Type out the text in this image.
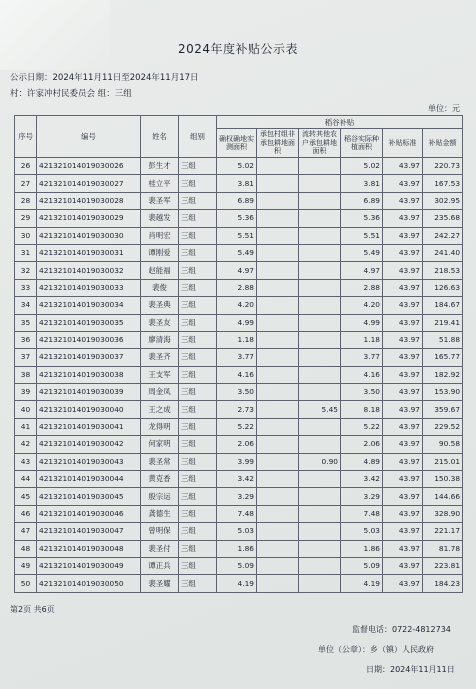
2024年度补贴公示表
公示日期：2024年11月11日至2024年11月17日
村：许家冲村民委员会 组：三组
单位：元
序号	编号	姓名	组别	稻谷补贴					
				确权确地实测面积	承包村组非承包耕地面积	流转其他农户承包耕地面积	稻谷实际种植面积	补贴标准	补贴金额
26	421321014019030026	彭生才	三组	5.02			5.02	43.97	220.73
27	421321014019030027	桂立平	三组	3.81			3.81	43.97	167.53
28	421321014019030028	裴圣军	三组	6.89			6.89	43.97	302.95
29	421321014019030029	裴越发	三组	5.36			5.36	43.97	235.68
30	421321014019030030	肖明宏	三组	5.51			5.51	43.97	242.27
31	421321014019030031	谭刚爱	三组	5.49			5.49	43.97	241.40
32	421321014019030032	赵能福	三组	4.97			4.97	43.97	218.53
33	421321014019030033	裴俊	三组	2.88			2.88	43.97	126.63
34	421321014019030034	裴圣典	三组	4.20			4.20	43.97	184.67
35	421321014019030035	裴圣友	三组	4.99			4.99	43.97	219.41
36	421321014019030036	廖清海	三组	1.18			1.18	43.97	51.88
37	421321014019030037	裴圣齐	三组	3.77			3.77	43.97	165.77
38	421321014019030038	王支军	三组	4.16			4.16	43.97	182.92
39	421321014019030039	周金凤	三组	3.50			3.50	43.97	153.90
40	421321014019030040	王之成	三组	2.73		5.45	8.18	43.97	359.67
41	421321014019030041	龙得明	三组	5.22			5.22	43.97	229.52
42	421321014019030042	何家明	三组	2.06			2.06	43.97	90.58
43	421321014019030043	裴圣常	三组	3.99		0.90	4.89	43.97	215.01
44	421321014019030044	黄克香	三组	3.42			3.42	43.97	150.38
45	421321014019030045	殷宗运	三组	3.29			3.29	43.97	144.66
46	421321014019030046	龚德生	三组	7.48			7.48	43.97	328.90
47	421321014019030047	曾明保	三组	5.03			5.03	43.97	221.17
48	421321014019030048	裴圣付	三组	1.86			1.86	43.97	81.78
49	421321014019030049	谭正兵	三组	5.09			5.09	43.97	223.81
50	421321014019030050	裴圣耀	三组	4.19			4.19	43.97	184.23
第2页 共6页
监督电话：0722-4812734
单位（公章）：乡（镇）人民政府
日期：2024年11月11日
